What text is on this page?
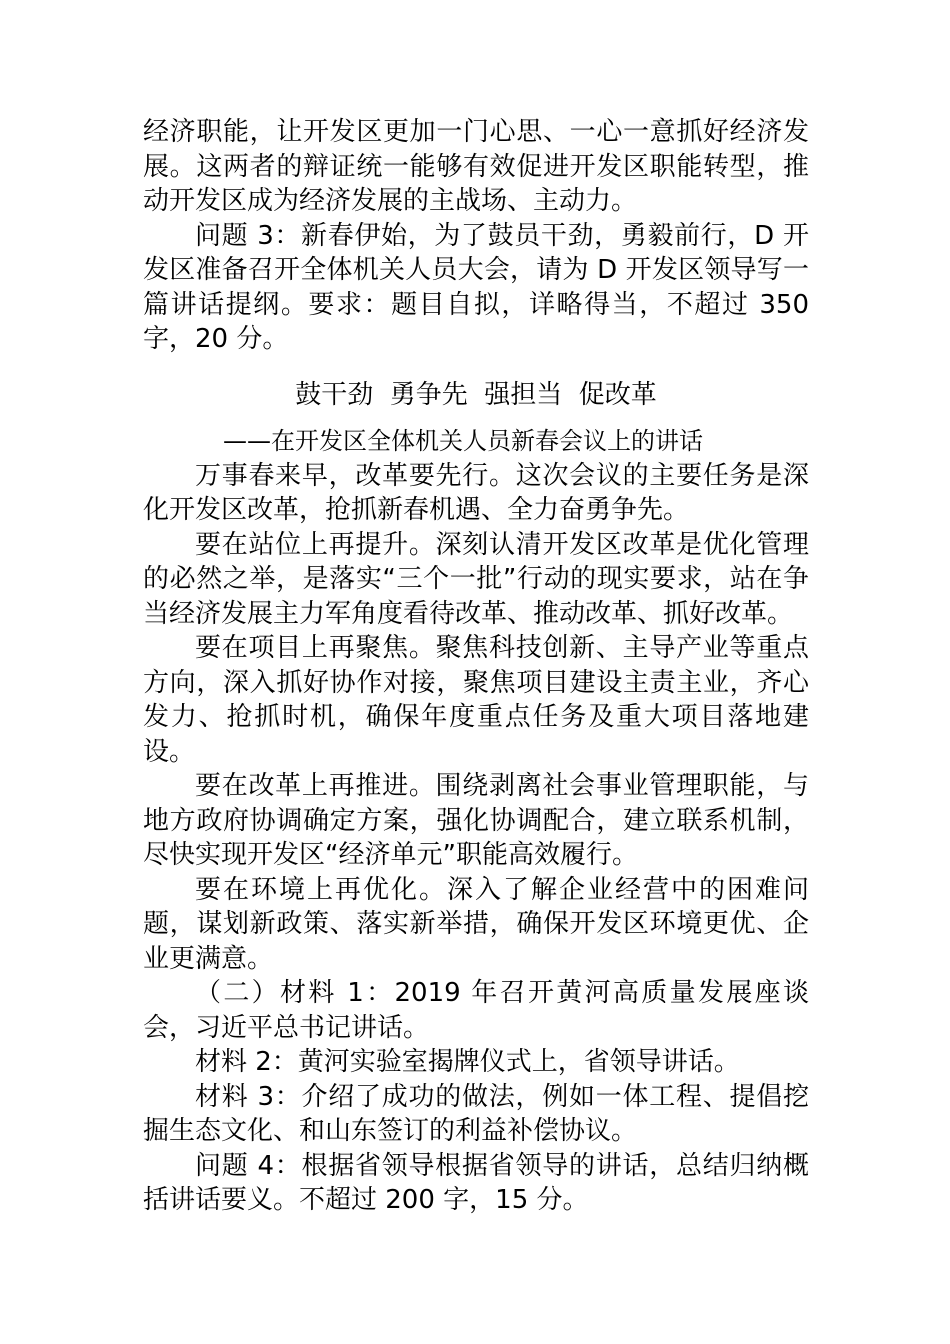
经济职能，让开发区更加一门心思、一心一意抓好经济发展。这两者的辩证统一能够有效促进开发区职能转型，推动开发区成为经济发展的主战场、主动力。

问题 3：新春伊始，为了鼓员干劲，勇毅前行，D 开发区准备召开全体机关人员大会，请为 D 开发区领导写一篇讲话提纲。要求：题目自拟，详略得当，不超过 350 字，20 分。

鼓干劲  勇争先  强担当  促改革
——在开发区全体机关人员新春会议上的讲话

万事春来早，改革要先行。这次会议的主要任务是深化开发区改革，抢抓新春机遇、全力奋勇争先。

要在站位上再提升。深刻认清开发区改革是优化管理的必然之举，是落实“三个一批”行动的现实要求，站在争当经济发展主力军角度看待改革、推动改革、抓好改革。

要在项目上再聚焦。聚焦科技创新、主导产业等重点方向，深入抓好协作对接，聚焦项目建设主责主业，齐心发力、抢抓时机，确保年度重点任务及重大项目落地建设。

要在改革上再推进。围绕剥离社会事业管理职能，与地方政府协调确定方案，强化协调配合，建立联系机制，尽快实现开发区“经济单元”职能高效履行。

要在环境上再优化。深入了解企业经营中的困难问题，谋划新政策、落实新举措，确保开发区环境更优、企业更满意。

（二）材料 1：2019 年召开黄河高质量发展座谈会，习近平总书记讲话。

材料 2：黄河实验室揭牌仪式上，省领导讲话。

材料 3：介绍了成功的做法，例如一体工程、提倡挖掘生态文化、和山东签订的利益补偿协议。

问题 4：根据省领导根据省领导的讲话，总结归纳概括讲话要义。不超过 200 字，15 分。
